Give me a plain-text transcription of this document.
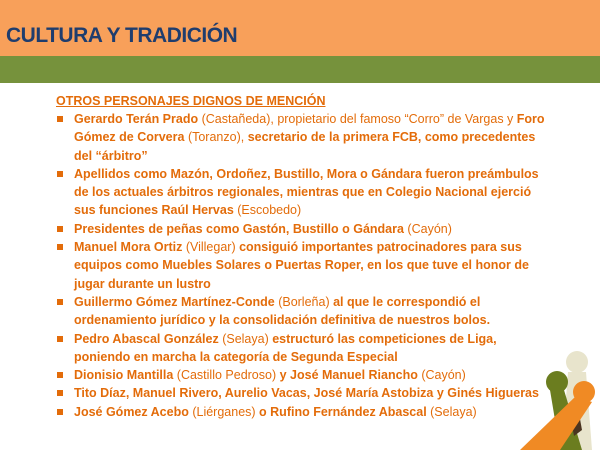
CULTURA Y TRADICIÓN
OTROS PERSONAJES DIGNOS DE MENCIÓN
Gerardo Terán Prado (Castañeda), propietario del famoso “Corro” de Vargas y Foro Gómez de Corvera (Toranzo), secretario de la primera FCB, como precedentes del “árbitro”
Apellidos como Mazón, Ordoñez, Bustillo, Mora o Gándara fueron preámbulos de los actuales árbitros regionales, mientras que en Colegio Nacional ejerció sus funciones Raúl Hervas (Escobedo)
Presidentes de peñas como Gastón, Bustillo o Gándara (Cayón)
Manuel Mora Ortiz (Villegar) consiguió importantes patrocinadores para sus equipos como Muebles Solares o Puertas Roper, en los que tuve el honor de jugar durante un lustro
Guillermo Gómez Martínez-Conde (Borleña) al que le correspondió el ordenamiento jurídico y la consolidación definitiva de nuestros bolos.
Pedro Abascal González (Selaya) estructuró las competiciones de Liga, poniendo en marcha la categoría de Segunda Especial
Dionisio Mantilla (Castillo Pedroso) y José Manuel Riancho (Cayón)
Tito Díaz, Manuel Rivero, Aurelio Vacas, José María Astobiza y Ginés Higueras
José Gómez Acebo (Liérganes) o Rufino Fernández Abascal (Selaya)
